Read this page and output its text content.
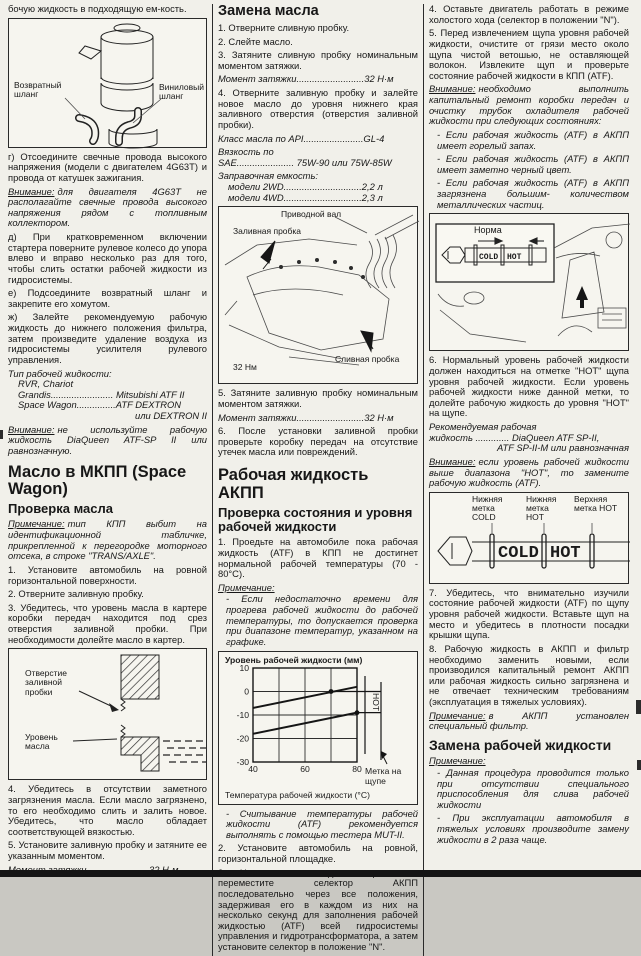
бочую жидкость в подходящую ем-кость.

Возвратный шланг
Виниловый шланг

г) Отсоедините свечные провода высокого напряжения (модели с двигателем 4G63T) и провода от катушек зажигания.

Внимание: для двигателя 4G63T не располагайте свечные провода высокого напряжения рядом с топливным коллектором.

д) При кратковременном включении стартера поверните рулевое колесо до упора влево и вправо несколько раз для того, чтобы слить остатки рабочей жидкости из гидросистемы.

е) Подсоедините возвратный шланг и закрепите его хомутом.

ж) Залейте рекомендуемую рабочую жидкость до нижнего положения фильтра, затем произведите удаление воздуха из гидросистемы усилителя рулевого управления.

Тип рабочей жидкости:

RVR, Chariot

Grandis........................ Mitsubishi ATF II

Space Wagon...............ATF DEXTRON

или DEXTRON II

Внимание: не используйте рабочую жидкость DiaQueen ATF-SP II или равнозначную.

Масло в МКПП (Space Wagon)
Проверка масла

Примечание: тип КПП выбит на идентификационной табличке, прикрепленной к перегородке моторного отсека, в строке "TRANS/AXLE".

1. Установите автомобиль на ровной горизонтальной поверхности.

2. Отверните заливную пробку.

3. Убедитесь, что уровень масла в картере коробки передач находится под срез отверстия заливной пробки. При необходимости долейте масло в картер.

Отверстие заливной пробки
Уровень масла

4. Убедитесь в отсутствии заметного загрязнения масла. Если масло загрязнено, то его необходимо слить и залить новое. Убедитесь, что масло обладает соответствующей вязкостью.

5. Установите заливную пробку и затяните ее указанным моментом.

Замена масла

1. Отверните сливную пробку.

2. Слейте масло.

3. Затяните сливную пробку номинальным моментом затяжки.

Момент затяжки..........................32 Н·м

4. Отверните заливную пробку и залейте новое масло до уровня нижнего края заливного отверстия (отверстия заливной пробки).

Класс масла по API.......................GL-4

Вязкость по

SAE...................... 75W-90 или 75W-85W

Заправочная емкость:

модели 2WD..............................2,2 л

модели 4WD..............................2,3 л

Приводной вал
Заливная пробка
Сливная пробка
32 Нм

5. Затяните заливную пробку номинальным моментом затяжки.

Момент затяжки..........................32 Н·м

6. После установки заливной пробки проверьте коробку передач на отсутствие утечек масла или повреждений.

Рабочая жидкость АКПП
Проверка состояния и уровня рабочей жидкости

1. Проедьте на автомобиле пока рабочая жидкость (ATF) в КПП не достигнет нормальной рабочей температуры (70 - 80°С).

Примечание:

- Если недостаточно времени для прогрева рабочей жидкости до рабочей температуры, то допускается проверка при диапазоне температур, указанном на графике.

Уровень рабочей жидкости (мм)
10
0
-10
-20
-30
40	60	80
Температура рабочей жидкости (°С)
НОТ
Метка на
щупе

- Считывание температуры рабочей жидкости (ATF) рекомендуется выполнять с помощью тестера MUT-II.

2. Установите автомобиль на ровной, горизонтальной площадке.

переместите селектор АКПП последовательно через все положения, задерживая его в каждом из них на несколько секунд для заполнения рабочей жидкостью (ATF) всей гидросистемы управления и гидротрансформатора, а затем установите селектор в положение "N".

4. Оставьте двигатель работать в режиме холостого хода (селектор в положении "N").

5. Перед извлечением щупа уровня рабочей жидкости, очистите от грязи место около щупа чистой ветошью, не оставляющей волокон. Извлеките щуп и проверьте состояние рабочей жидкости в КПП (ATF).

Внимание: необходимо выполнить капитальный ремонт коробки передач и очистку трубок охладителя рабочей жидкости при следующих состояниях:

- Если рабочая жидкость (ATF) в АКПП имеет горелый запах.

- Если рабочая жидкость (ATF) в АКПП имеет заметно черный цвет.

- Если рабочая жидкость (ATF) в АКПП загрязнена большим- количеством металлических частиц.

COLD HOT
Норма

6. Нормальный уровень рабочей жидкости должен находиться на отметке "HOT" щупа уровня рабочей жидкости. Если уровень рабочей жидкости ниже данной метки, то долейте рабочую жидкость до уровня "HOT" на щупе.

Рекомендуемая рабочая

жидкость ............. DiaQueen ATF SP-II,

ATF SP-II-M или равнозначная

Внимание: если уровень рабочей жидкости выше диапазона "HOT", то замените рабочую жидкость (ATF).

COLD HOT
Нижняя метка COLD
Нижняя метка HOT
Верхняя метка HOT

7. Убедитесь, что внимательно изучили состояние рабочей жидкости (ATF) по щупу уровня рабочей жидкости. Вставьте щуп на место и убедитесь в плотности посадки крышки щупа.

8. Рабочую жидкость в АКПП и фильтр необходимо заменить новыми, если производился капитальный ремонт АКПП или рабочая жидкость сильно загрязнена и не отвечает техническим требованиям (эксплуатация в тяжелых условиях).

Примечание: в АКПП установлен специальный фильтр.

Замена рабочей жидкости

Примечание:

- Данная процедура проводится только при отсутствии специального приспособления для слива рабочей жидкости

- При эксплуатации автомобиля в тяжелых условиях производите замену жидкости в 2 раза чаще.
